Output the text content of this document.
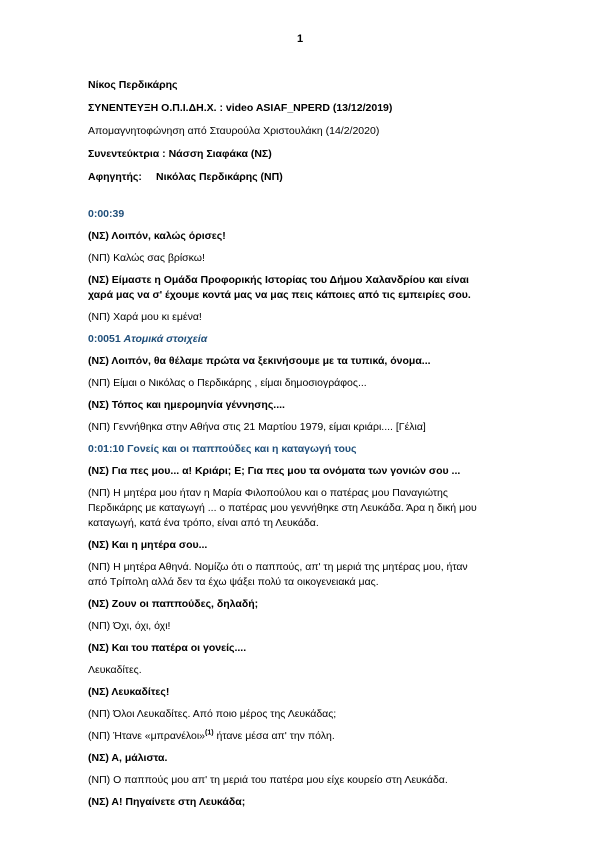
1
Νίκος Περδικάρης
ΣΥΝΕΝΤΕΥΞΗ Ο.Π.Ι.ΔΗ.Χ. : video ASIAF_NPERD (13/12/2019)
Απομαγνητοφώνηση από Σταυρούλα Χριστουλάκη (14/2/2020)
Συνεντεύκτρια : Νάσση Σιαφάκα (ΝΣ)
Αφηγητής: Νικόλας Περδικάρης (ΝΠ)
0:00:39
(ΝΣ) Λοιπόν, καλώς όρισες!
(ΝΠ) Καλώς σας βρίσκω!
(ΝΣ) Είμαστε η Ομάδα Προφορικής Ιστορίας του Δήμου Χαλανδρίου και είναι
χαρά μας να σ' έχουμε κοντά μας να μας πεις κάποιες από τις εμπειρίες σου.
(ΝΠ) Χαρά μου κι εμένα!
0:0051 Ατομικά στοιχεία
(ΝΣ) Λοιπόν, θα θέλαμε πρώτα να ξεκινήσουμε με τα τυπικά, όνομα...
(ΝΠ) Είμαι ο Νικόλας ο Περδικάρης , είμαι δημοσιογράφος...
(ΝΣ) Τόπος και ημερομηνία γέννησης....
(ΝΠ) Γεννήθηκα στην Αθήνα στις 21 Μαρτίου 1979, είμαι κριάρι.... [Γέλια]
0:01:10 Γονείς και οι παππούδες και η καταγωγή τους
(ΝΣ) Για πες μου... α! Κριάρι; Ε; Για πες μου τα ονόματα των γονιών σου ...
(ΝΠ) Η μητέρα μου ήταν η Μαρία Φιλοπούλου και ο πατέρας μου Παναγιώτης
Περδικάρης με καταγωγή ... ο πατέρας μου γεννήθηκε στη Λευκάδα. Άρα η δική μου
καταγωγή, κατά ένα τρόπο, είναι από τη Λευκάδα.
(ΝΣ) Και η μητέρα σου...
(ΝΠ) Η μητέρα Αθηνά. Νομίζω ότι ο παππούς, απ' τη μεριά της μητέρας μου, ήταν
από Τρίπολη αλλά δεν τα έχω ψάξει πολύ τα οικογενειακά μας.
(ΝΣ) Ζουν οι παππούδες, δηλαδή;
(ΝΠ) Όχι, όχι, όχι!
(ΝΣ) Και του πατέρα οι γονείς....
Λευκαδίτες.
(ΝΣ) Λευκαδίτες!
(ΝΠ) Όλοι Λευκαδίτες. Από ποιο μέρος της Λευκάδας;
(ΝΠ) Ήτανε «μπρανέλοι»$^{(1)}$ ήτανε μέσα απ' την πόλη.
(ΝΣ) Α, μάλιστα.
(ΝΠ) Ο παππούς μου απ' τη μεριά του πατέρα μου είχε κουρείο στη Λευκάδα.
(ΝΣ) Α! Πηγαίνετε στη Λευκάδα;
